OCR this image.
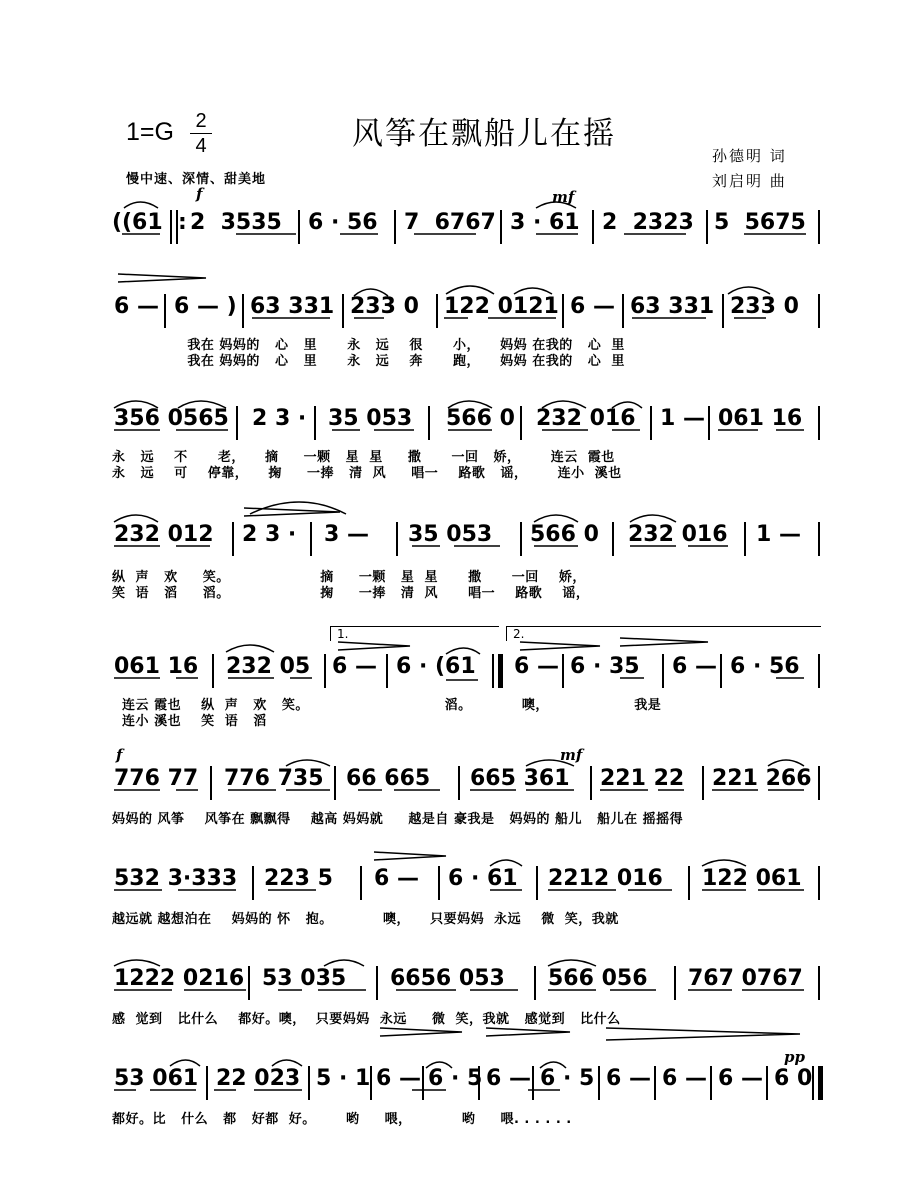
1=G 2
4	风筝在飘船儿在摇
孙德明 词
刘启明 曲
慢中速、深情、甜美地
f	mf
f	mf
pp
1.	2.
( (61 : 2  3535 6 · 56 7  6767 3 · 61 2  2323 5  5675
6 — 6 — ) 63 331 233 0 122 0121 6 — 63 331 233 0
我在 妈妈的   心   里      永   远    很      小，    妈妈 在我的   心  里
我在 妈妈的   心   里      永   远    奔      跑，    妈妈 在我的   心  里
356 0565 2 3 · 35 053 566 0 232 016 1 — 061 16
永   远    不      老，    摘     一颗   星  星     撒      一回   娇，      连云  霞也
永   远    可    停靠，    掬     一捧   清  风     唱一    路歌   谣，      连小  溪也
232 012 2 3 · 3 — 35 053 566 0 232 016 1 —
纵  声   欢     笑。                  摘     一颗   星  星      撒      一回    娇，
笑  语   滔     滔。                  掬     一捧   清  风      唱一    路歌    谣，
061 16 232 05 6 — 6 · (61 6 — 6 · 35 6 — 6 · 56
连云 霞也    纵  声   欢   笑。                           滔。          噢，                 我是
连小 溪也    笑  语   滔
776 77 776 735 66 665 665 361 221 22 221 266
妈妈的 风筝    风筝在 飘飘得    越高 妈妈就     越是自 豪我是   妈妈的 船儿   船儿在 摇摇得
532 3·333 223 5 6 — 6 · 61 2212 016 122 061
越远就 越想泊在    妈妈的 怀   抱。          噢，    只要妈妈  永远    微  笑，我就
1222 0216 53 035 6656 053 566 056 767 0767
感  觉到   比什么    都好。噢，  只要妈妈  永远     微  笑，我就   感觉到   比什么
53 061 22 023 5 · 1 6 — 6 · 5 6 — 6 · 5 6 — 6 — 6 — 6 0
都好。比   什么   都   好都  好。      哟     喂，          哟     喂. . . . . .
